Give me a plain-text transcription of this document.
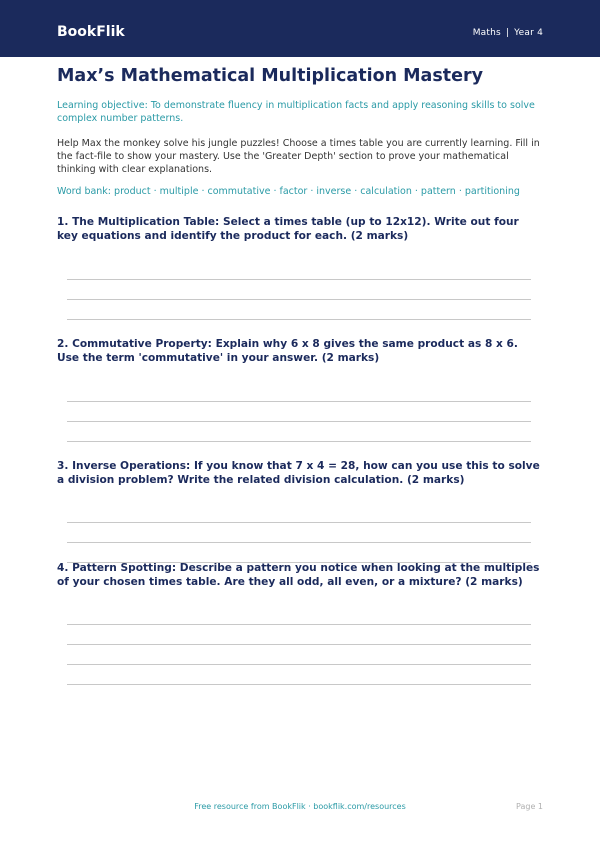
BookFlik	Maths | Year 4
Max’s Mathematical Multiplication Mastery
Learning objective: To demonstrate fluency in multiplication facts and apply reasoning skills to solve complex number patterns.
Help Max the monkey solve his jungle puzzles! Choose a times table you are currently learning. Fill in the fact-file to show your mastery. Use the 'Greater Depth' section to prove your mathematical thinking with clear explanations.
Word bank: product · multiple · commutative · factor · inverse · calculation · pattern · partitioning
1. The Multiplication Table: Select a times table (up to 12x12). Write out four key equations and identify the product for each. (2 marks)
2. Commutative Property: Explain why 6 x 8 gives the same product as 8 x 6. Use the term 'commutative' in your answer. (2 marks)
3. Inverse Operations: If you know that 7 x 4 = 28, how can you use this to solve a division problem? Write the related division calculation. (2 marks)
4. Pattern Spotting: Describe a pattern you notice when looking at the multiples of your chosen times table. Are they all odd, all even, or a mixture? (2 marks)
Free resource from BookFlik · bookflik.com/resources	Page 1
